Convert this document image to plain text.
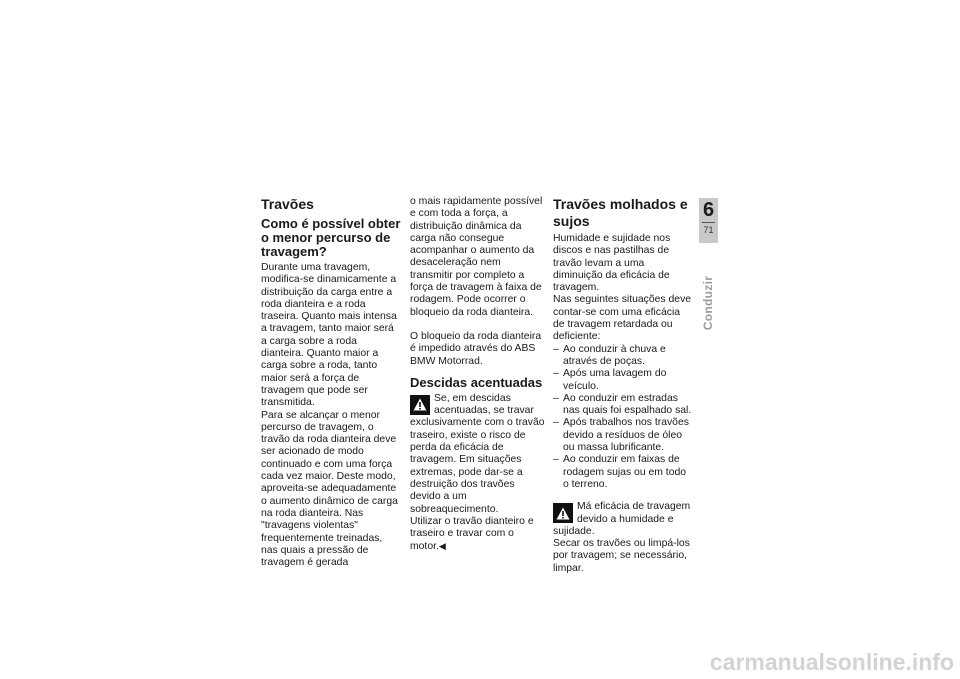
Travões
Como é possível obter o menor percurso de travagem?

Durante uma travagem, modifica-se dinamicamente a distribuição da carga entre a roda dianteira e a roda traseira. Quanto mais intensa a travagem, tanto maior será a carga sobre a roda dianteira. Quanto maior a carga sobre a roda, tanto maior será a força de travagem que pode ser transmitida.

Para se alcançar o menor percurso de travagem, o travão da roda dianteira deve ser acionado de modo continuado e com uma força cada vez maior. Deste modo, aproveita-se adequadamente o aumento dinâmico de carga na roda dianteira. Nas "travagens violentas" frequentemente treinadas, nas quais a pressão de travagem é gerada

o mais rapidamente possível e com toda a força, a distribuição dinâmica da carga não consegue acompanhar o aumento da desaceleração nem transmitir por completo a força de travagem à faixa de rodagem. Pode ocorrer o bloqueio da roda dianteira.

O bloqueio da roda dianteira é impedido através do ABS BMW Motorrad.

Descidas acentuadas

Se, em descidas acentuadas, se travar exclusivamente com o travão traseiro, existe o risco de perda da eficácia de travagem. Em situações extremas, pode dar-se a destruição dos travões devido a um sobreaquecimento.

Utilizar o travão dianteiro e traseiro e travar com o motor.◀

Travões molhados e sujos

Humidade e sujidade nos discos e nas pastilhas de travão levam a uma diminuição da eficácia de travagem.

Nas seguintes situações deve contar-se com uma eficácia de travagem retardada ou deficiente:

– Ao conduzir à chuva e através de poças.
– Após uma lavagem do veículo.
– Ao conduzir em estradas nas quais foi espalhado sal.
– Após trabalhos nos travões devido a resíduos de óleo ou massa lubrificante.
– Ao conduzir em faixas de rodagem sujas ou em todo o terreno.

Má eficácia de travagem devido a humidade e sujidade.

Secar os travões ou limpá-los por travagem; se necessário, limpar.

6
71
Conduzir
carmanualsonline.info
